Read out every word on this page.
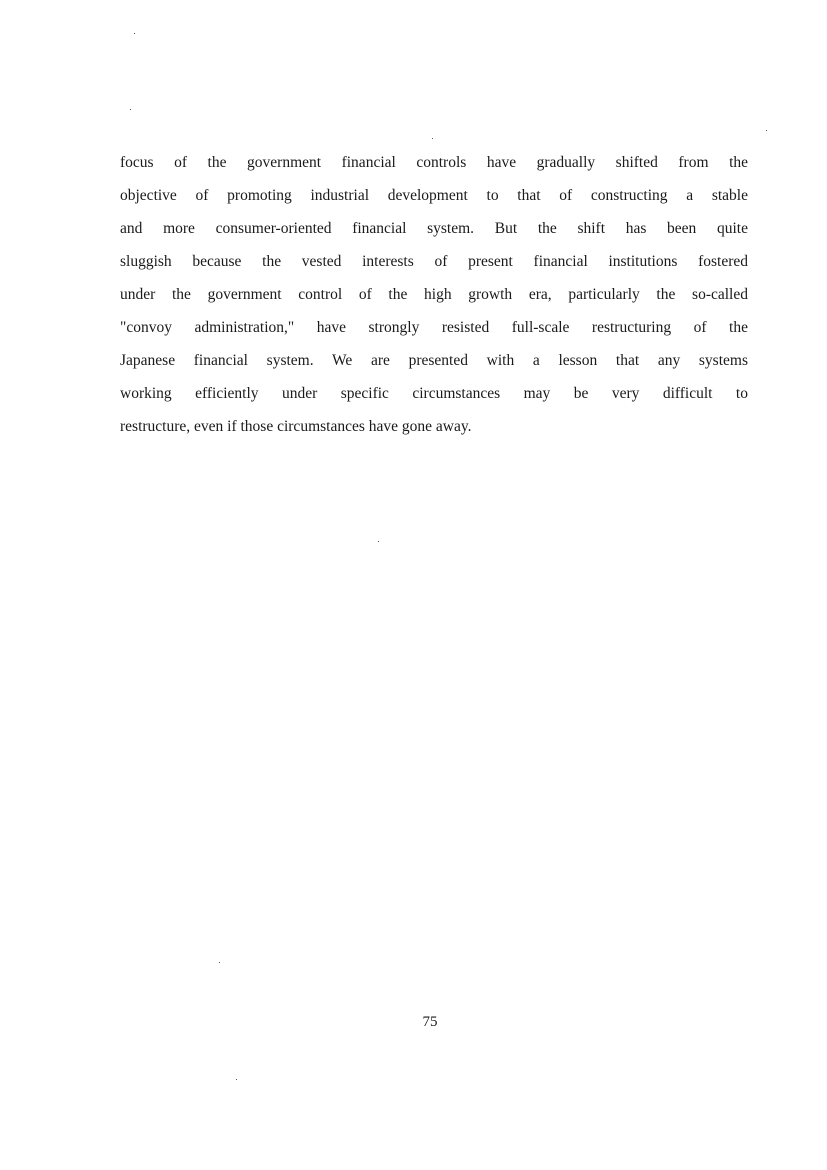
focus of the government financial controls have gradually shifted from the
objective of promoting industrial development to that of constructing a stable
and more consumer-oriented financial system. But the shift has been quite
sluggish because the vested interests of present financial institutions fostered
under the government control of the high growth era, particularly the so-called
"convoy administration," have strongly resisted full-scale restructuring of the
Japanese financial system. We are presented with a lesson that any systems
working efficiently under specific circumstances may be very difficult to
restructure, even if those circumstances have gone away.
75
